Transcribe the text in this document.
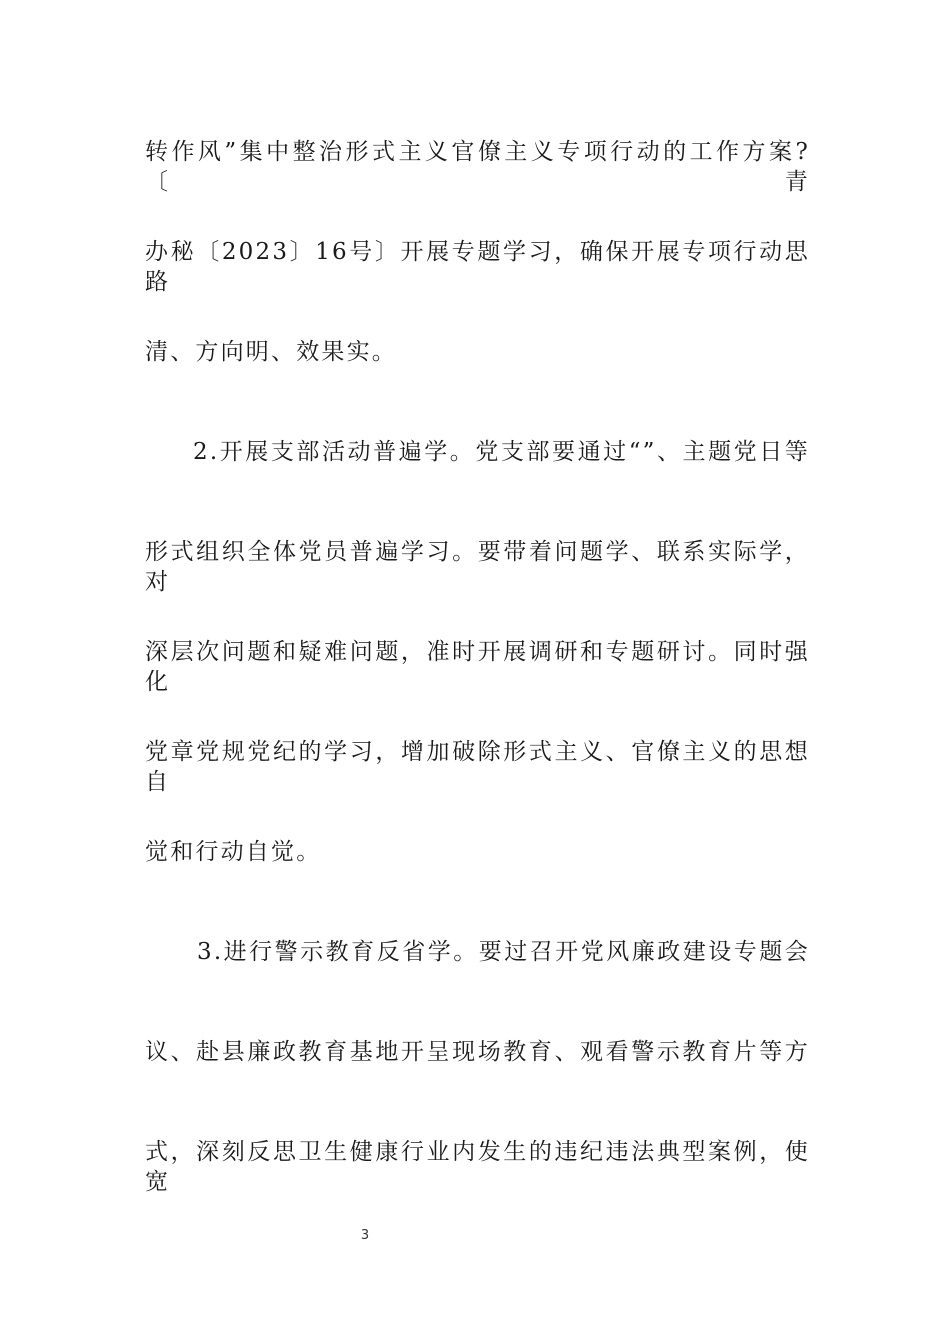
转作风”集中整治形式主义官僚主义专项行动的工作方案?〔青
办秘〔2023〕16号〕开展专题学习，确保开展专项行动思路
清、方向明、效果实。
2.开展支部活动普遍学。党支部要通过“”、主题党日等
形式组织全体党员普遍学习。要带着问题学、联系实际学，对
深层次问题和疑难问题，准时开展调研和专题研讨。同时强化
党章党规党纪的学习，增加破除形式主义、官僚主义的思想自
觉和行动自觉。
3.进行警示教育反省学。要过召开党风廉政建设专题会
议、赴县廉政教育基地开呈现场教育、观看警示教育片等方
式，深刻反思卫生健康行业内发生的违纪违法典型案例，使宽
3
